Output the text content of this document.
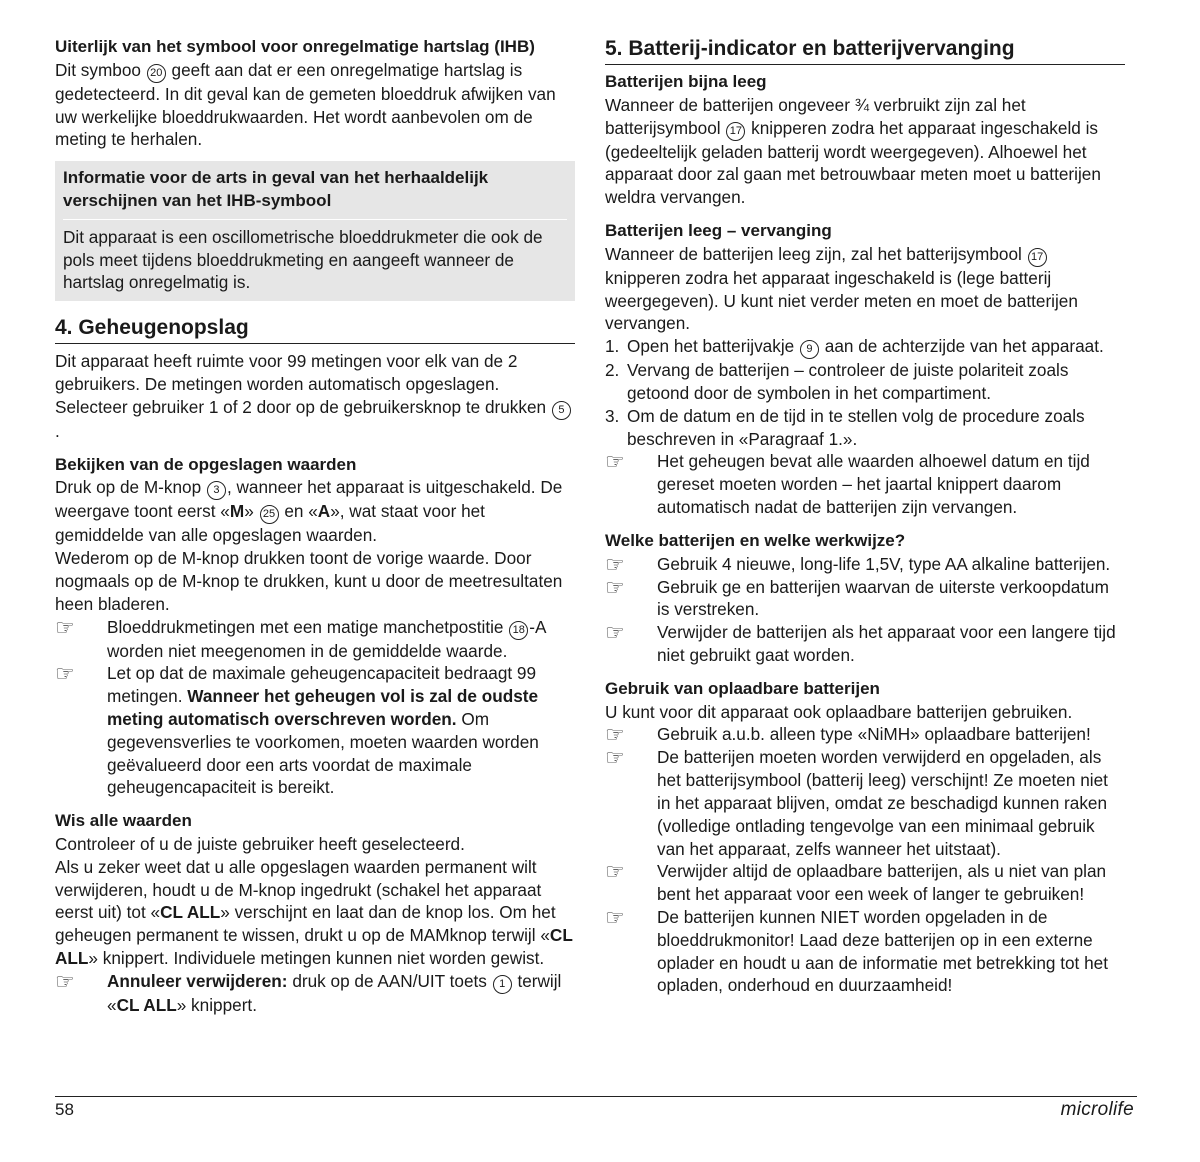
Uiterlijk van het symbool voor onregelmatige hartslag (IHB)

Dit symboo 20 geeft aan dat er een onregelmatige hartslag is gedetecteerd. In dit geval kan de gemeten bloeddruk afwijken van uw werkelijke bloeddrukwaarden. Het wordt aanbevolen om de meting te herhalen.

Informatie voor de arts in geval van het herhaaldelijk verschijnen van het IHB-symbool

Dit apparaat is een oscillometrische bloeddrukmeter die ook de pols meet tijdens bloeddrukmeting en aangeeft wanneer de hartslag onregelmatig is.

4. Geheugenopslag

Dit apparaat heeft ruimte voor 99 metingen voor elk van de 2 gebruikers. De metingen worden automatisch opgeslagen. Selecteer gebruiker 1 of 2 door op de gebruikersknop te drukken 5.

Bekijken van de opgeslagen waarden

Druk op de M-knop 3 , wanneer het apparaat is uitgeschakeld. De weergave toont eerst «M» 25 en «A», wat staat voor het gemiddelde van alle opgeslagen waarden.

Wederom op de M-knop drukken toont de vorige waarde. Door nogmaals op de M-knop te drukken, kunt u door de meetresultaten heen bladeren.

☞	Bloeddrukmetingen met een matige manchetpostitie 18 -A worden niet meegenomen in de gemiddelde waarde.

☞	Let op dat de maximale geheugencapaciteit bedraagt 99 metingen. Wanneer het geheugen vol is zal de oudste meting automatisch overschreven worden. Om gegevensverlies te voorkomen, moeten waarden worden geëvalueerd door een arts voordat de maximale geheugencapaciteit is bereikt.

Wis alle waarden

Controleer of u de juiste gebruiker heeft geselecteerd.

Als u zeker weet dat u alle opgeslagen waarden permanent wilt verwijderen, houdt u de M-knop ingedrukt (schakel het apparaat eerst uit) tot «CL ALL» verschijnt en laat dan de knop los. Om het geheugen permanent te wissen, drukt u op de MAMknop terwijl «CL ALL» knippert. Individuele metingen kunnen niet worden gewist.

☞	Annuleer verwijderen: druk op de AAN/UIT toets 1 terwijl «CL ALL» knippert.

5. Batterij-indicator en batterijvervanging

Batterijen bijna leeg

Wanneer de batterijen ongeveer ¾ verbruikt zijn zal het batterijsymbool 17 knipperen zodra het apparaat ingeschakeld is (gedeeltelijk geladen batterij wordt weergegeven). Alhoewel het apparaat door zal gaan met betrouwbaar meten moet u batterijen weldra vervangen.

Batterijen leeg – vervanging

Wanneer de batterijen leeg zijn, zal het batterijsymbool 17 knipperen zodra het apparaat ingeschakeld is (lege batterij weergegeven). U kunt niet verder meten en moet de batterijen vervangen.

1. Open het batterijvakje 9 aan de achterzijde van het apparaat.
2. Vervang de batterijen – controleer de juiste polariteit zoals getoond door de symbolen in het compartiment.
3. Om de datum en de tijd in te stellen volg de procedure zoals beschreven in «Paragraaf 1.».
☞	Het geheugen bevat alle waarden alhoewel datum en tijd gereset moeten worden – het jaartal knippert daarom automatisch nadat de batterijen zijn vervangen.

Welke batterijen en welke werkwijze?

☞	Gebruik 4 nieuwe, long-life 1,5V, type AA alkaline batterijen.

☞	Gebruik ge en batterijen waarvan de uiterste verkoopdatum is verstreken.

☞	Verwijder de batterijen als het apparaat voor een langere tijd niet gebruikt gaat worden.

Gebruik van oplaadbare batterijen

U kunt voor dit apparaat ook oplaadbare batterijen gebruiken.

☞	Gebruik a.u.b. alleen type «NiMH» oplaadbare batterijen!

☞	De batterijen moeten worden verwijderd en opgeladen, als het batterijsymbool (batterij leeg) verschijnt! Ze moeten niet in het apparaat blijven, omdat ze beschadigd kunnen raken (volledige ontlading tengevolge van een minimaal gebruik van het apparaat, zelfs wanneer het uitstaat).

☞	Verwijder altijd de oplaadbare batterijen, als u niet van plan bent het apparaat voor een week of langer te gebruiken!

☞	De batterijen kunnen NIET worden opgeladen in de bloeddrukmonitor! Laad deze batterijen op in een externe oplader en houdt u aan de informatie met betrekking tot het opladen, onderhoud en duurzaamheid!

58	microlife
